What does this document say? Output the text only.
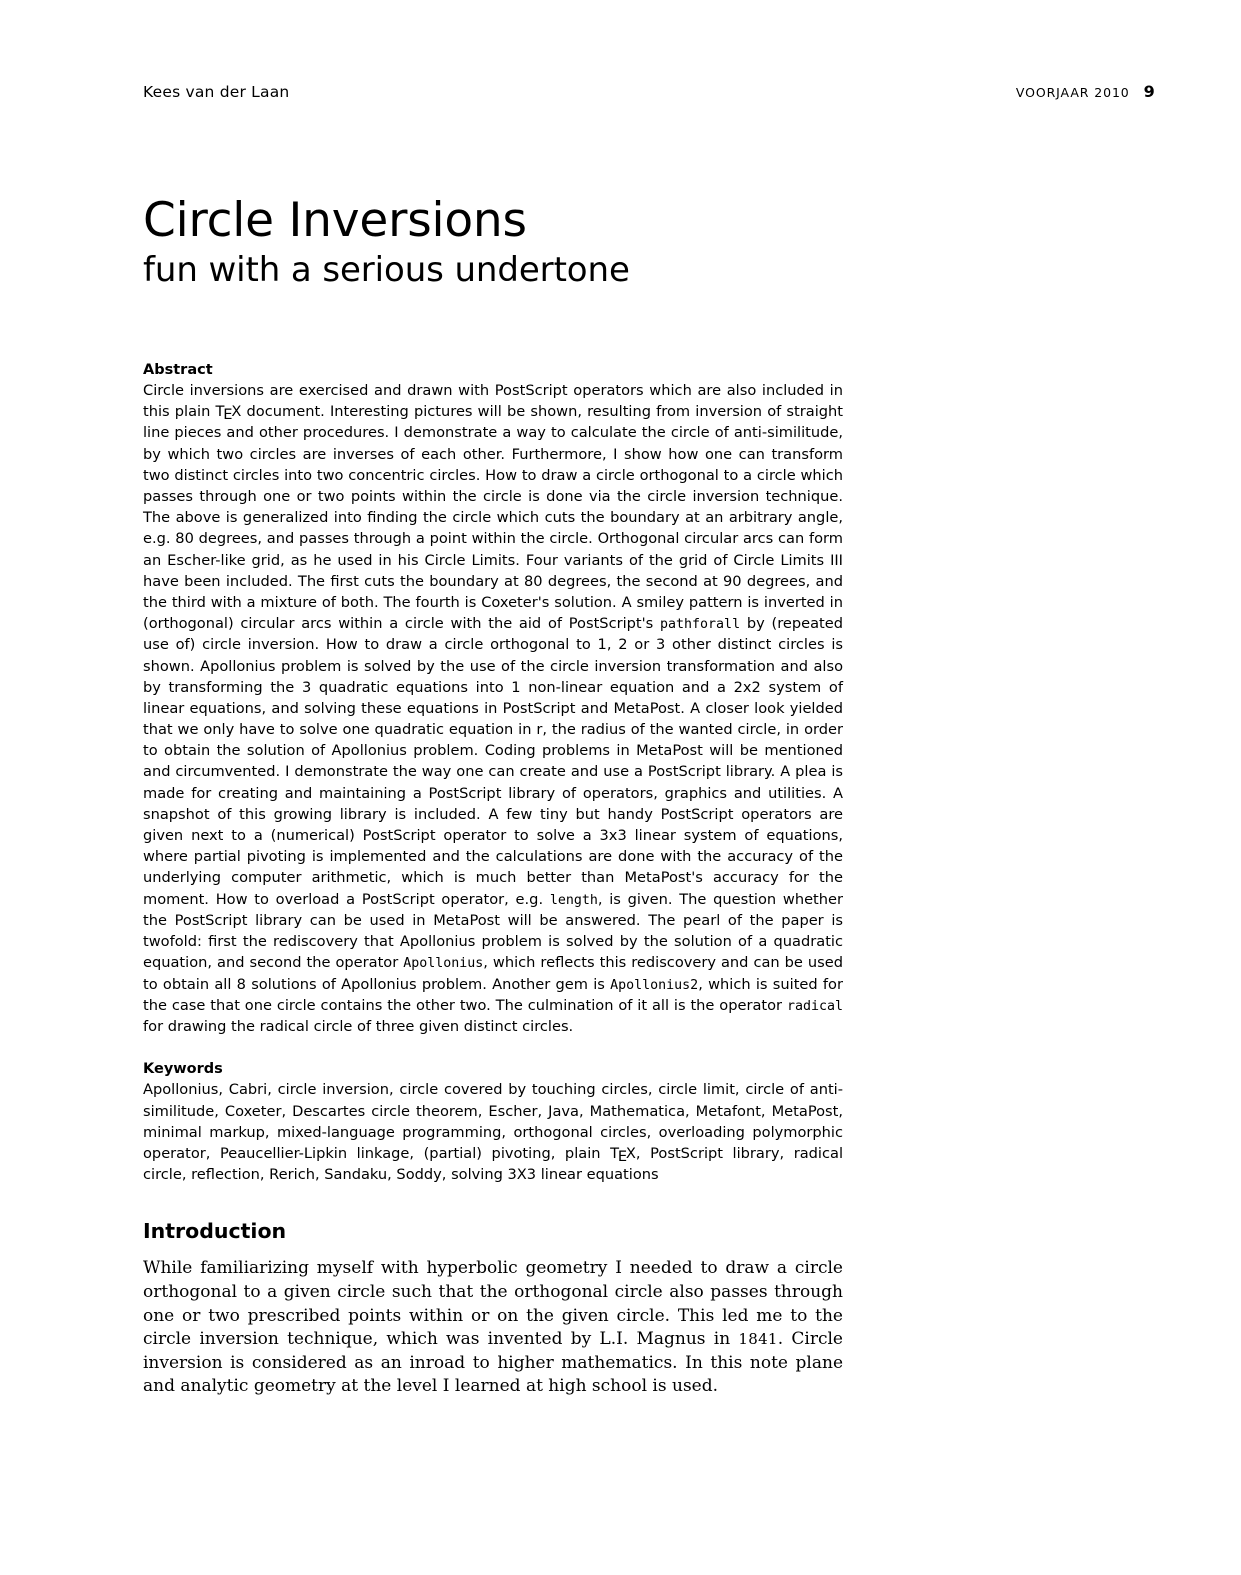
Kees van der Laan	VOORJAAR 2010 9
Circle Inversions
fun with a serious undertone
Abstract

Circle inversions are exercised and drawn with PostScript operators which are also included in this plain TEX document. Interesting pictures will be shown, resulting from inversion of straight line pieces and other procedures. I demonstrate a way to calculate the circle of anti-similitude, by which two circles are inverses of each other. Furthermore, I show how one can transform two distinct circles into two concentric circles. How to draw a circle orthogonal to a circle which passes through one or two points within the circle is done via the circle inversion technique. The above is generalized into finding the circle which cuts the boundary at an arbitrary angle, e.g. 80 degrees, and passes through a point within the circle. Orthogonal circular arcs can form an Escher-like grid, as he used in his Circle Limits. Four variants of the grid of Circle Limits III have been included. The first cuts the boundary at 80 degrees, the second at 90 degrees, and the third with a mixture of both. The fourth is Coxeter's solution. A smiley pattern is inverted in (orthogonal) circular arcs within a circle with the aid of PostScript's pathforall by (repeated use of) circle inversion. How to draw a circle orthogonal to 1, 2 or 3 other distinct circles is shown. Apollonius problem is solved by the use of the circle inversion transformation and also by transforming the 3 quadratic equations into 1 non-linear equation and a 2x2 system of linear equations, and solving these equations in PostScript and MetaPost. A closer look yielded that we only have to solve one quadratic equation in r, the radius of the wanted circle, in order to obtain the solution of Apollonius problem. Coding problems in MetaPost will be mentioned and circumvented. I demonstrate the way one can create and use a PostScript library. A plea is made for creating and maintaining a PostScript library of operators, graphics and utilities. A snapshot of this growing library is included. A few tiny but handy PostScript operators are given next to a (numerical) PostScript operator to solve a 3x3 linear system of equations, where partial pivoting is implemented and the calculations are done with the accuracy of the underlying computer arithmetic, which is much better than MetaPost's accuracy for the moment. How to overload a PostScript operator, e.g. length, is given. The question whether the PostScript library can be used in MetaPost will be answered. The pearl of the paper is twofold: first the rediscovery that Apollonius problem is solved by the solution of a quadratic equation, and second the operator Apollonius, which reflects this rediscovery and can be used to obtain all 8 solutions of Apollonius problem. Another gem is Apollonius2, which is suited for the case that one circle contains the other two. The culmination of it all is the operator radical for drawing the radical circle of three given distinct circles.

Keywords

Apollonius, Cabri, circle inversion, circle covered by touching circles, circle limit, circle of anti-similitude, Coxeter, Descartes circle theorem, Escher, Java, Mathematica, Metafont, MetaPost, minimal markup, mixed-language programming, orthogonal circles, overloading polymorphic operator, Peaucellier-Lipkin linkage, (partial) pivoting, plain TEX, PostScript library, radical circle, reflection, Rerich, Sandaku, Soddy, solving 3X3 linear equations

Introduction

While familiarizing myself with hyperbolic geometry I needed to draw a circle orthogonal to a given circle such that the orthogonal circle also passes through one or two prescribed points within or on the given circle. This led me to the circle inversion technique, which was invented by L.I. Magnus in 1841. Circle inversion is considered as an inroad to higher mathematics. In this note plane and analytic geometry at the level I learned at high school is used.
